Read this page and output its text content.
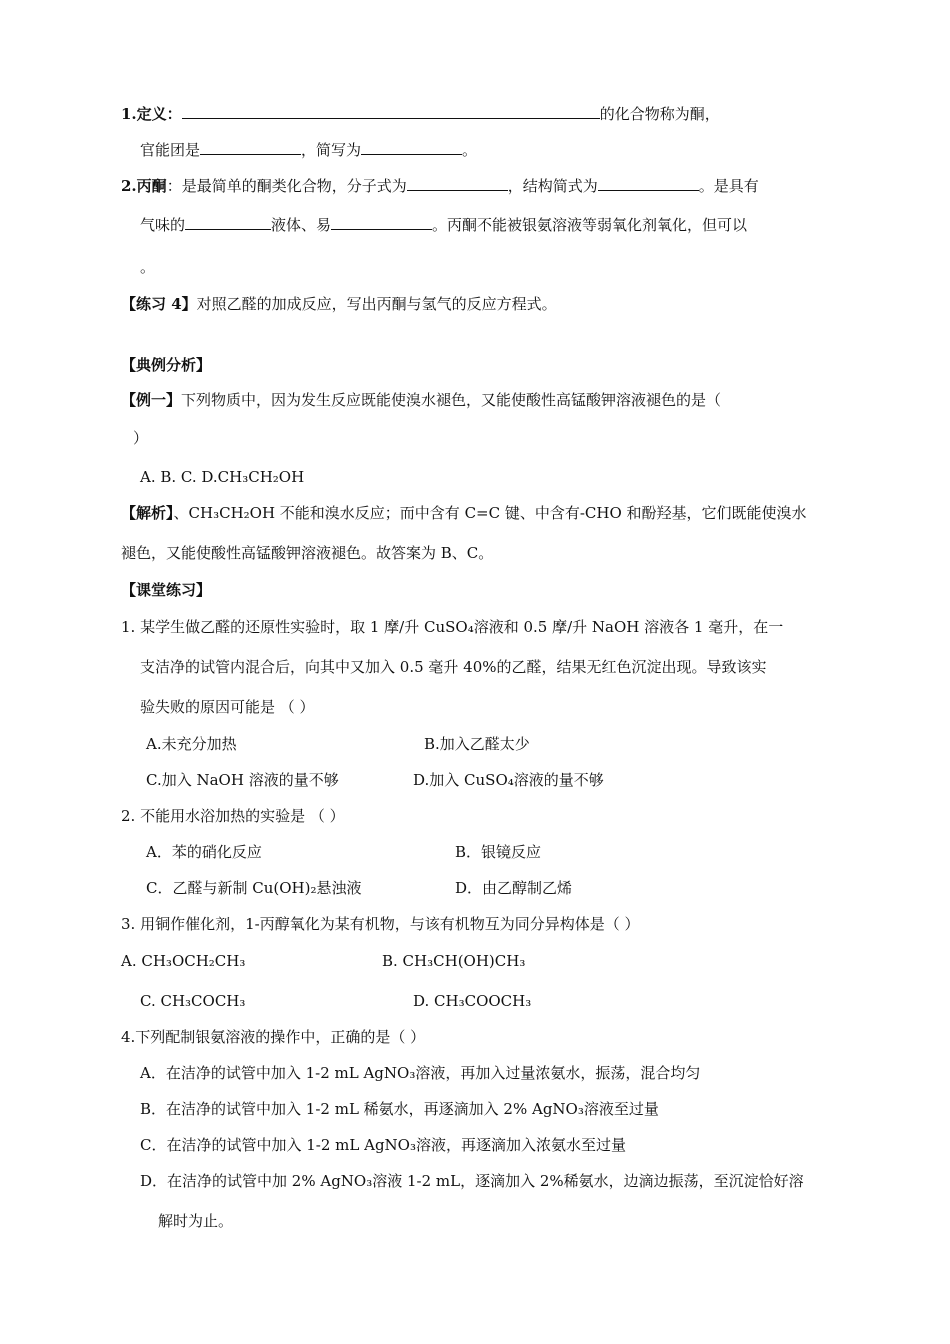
1.定义：	的化合物称为酮，
官能团是	，简写为	。
2.丙酮：是最简单的酮类化合物，分子式为	，结构简式为	。是具有
气味的	液体、易	。丙酮不能被银氨溶液等弱氧化剂氧化，但可以
。
【练习 4】对照乙醛的加成反应，写出丙酮与氢气的反应方程式。
【典例分析】
【例一】下列物质中，因为发生反应既能使溴水褪色，又能使酸性高锰酸钾溶液褪色的是（
）
A. B. C. D.CH₃CH₂OH
【解析】、CH₃CH₂OH 不能和溴水反应；而中含有 C=C 键、中含有-CHO 和酚羟基，它们既能使溴水
褪色，又能使酸性高锰酸钾溶液褪色。故答案为 B、C。
【课堂练习】
1. 某学生做乙醛的还原性实验时，取 1 摩/升 CuSO₄溶液和 0.5 摩/升 NaOH 溶液各 1 毫升，在一
支洁净的试管内混合后，向其中又加入 0.5 毫升 40%的乙醛，结果无红色沉淀出现。导致该实
验失败的原因可能是 （ ）
A.未充分加热	B.加入乙醛太少
C.加入 NaOH 溶液的量不够	D.加入 CuSO₄溶液的量不够
2. 不能用水浴加热的实验是 （ ）
A．苯的硝化反应	B．银镜反应
C．乙醛与新制 Cu(OH)₂悬浊液	D．由乙醇制乙烯
3. 用铜作催化剂，1-丙醇氧化为某有机物，与该有机物互为同分异构体是（ ）
A. CH₃OCH₂CH₃	B. CH₃CH(OH)CH₃
C. CH₃COCH₃	D. CH₃COOCH₃
4.下列配制银氨溶液的操作中，正确的是（ ）
A．在洁净的试管中加入 1-2 mL AgNO₃溶液，再加入过量浓氨水，振荡，混合均匀
B．在洁净的试管中加入 1-2 mL 稀氨水，再逐滴加入 2% AgNO₃溶液至过量
C．在洁净的试管中加入 1-2 mL AgNO₃溶液，再逐滴加入浓氨水至过量
D．在洁净的试管中加 2% AgNO₃溶液 1-2 mL，逐滴加入 2%稀氨水，边滴边振荡，至沉淀恰好溶
解时为止。
